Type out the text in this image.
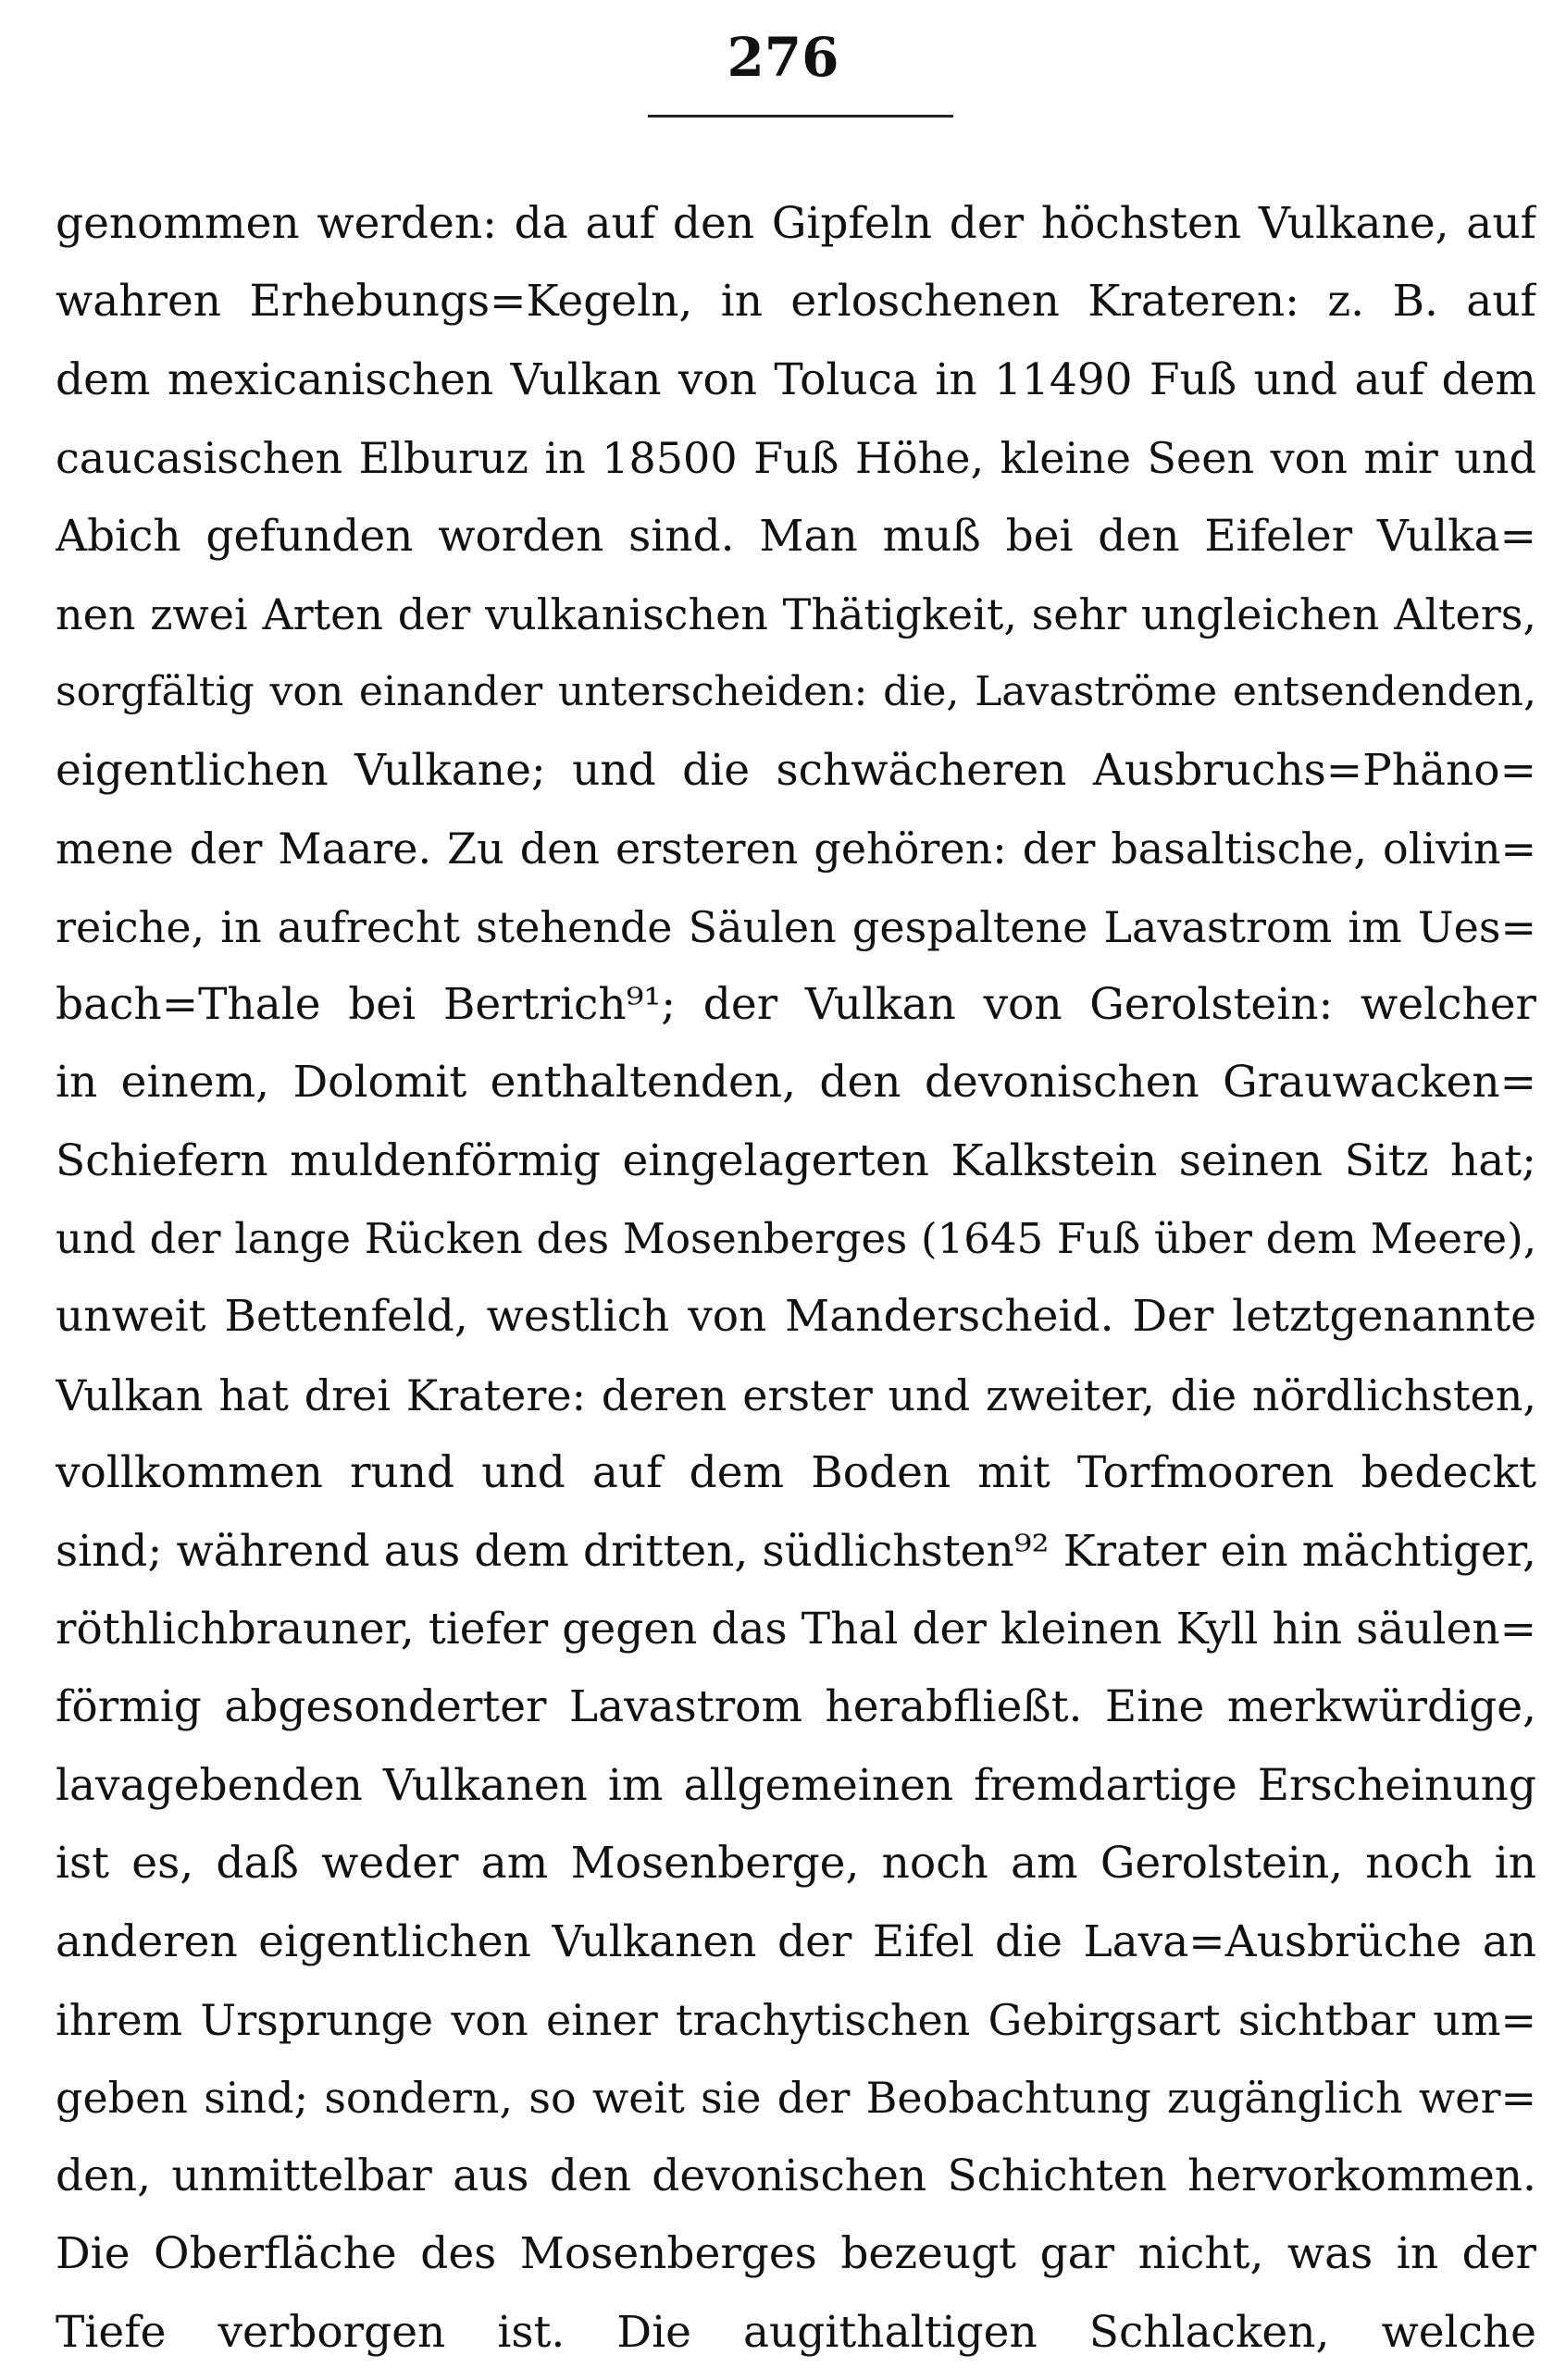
276
genommen werden: da auf den Gipfeln der höchsten Vulkane, auf
wahren Erhebungs=Kegeln, in erloschenen Krateren: z. B. auf
dem mexicanischen Vulkan von Toluca in 11490 Fuß und auf dem
caucasischen Elburuz in 18500 Fuß Höhe, kleine Seen von mir und
Abich gefunden worden sind. Man muß bei den Eifeler Vulka=
nen zwei Arten der vulkanischen Thätigkeit, sehr ungleichen Alters,
sorgfältig von einander unterscheiden: die, Lavaströme entsendenden,
eigentlichen Vulkane; und die schwächeren Ausbruchs=Phäno=
mene der Maare. Zu den ersteren gehören: der basaltische, olivin=
reiche, in aufrecht stehende Säulen gespaltene Lavastrom im Ues=
bach=Thale bei Bertrich⁹¹; der Vulkan von Gerolstein: welcher
in einem, Dolomit enthaltenden, den devonischen Grauwacken=
Schiefern muldenförmig eingelagerten Kalkstein seinen Sitz hat;
und der lange Rücken des Mosenberges (1645 Fuß über dem Meere),
unweit Bettenfeld, westlich von Manderscheid. Der letztgenannte
Vulkan hat drei Kratere: deren erster und zweiter, die nördlichsten,
vollkommen rund und auf dem Boden mit Torfmooren bedeckt
sind; während aus dem dritten, südlichsten⁹² Krater ein mächtiger,
röthlichbrauner, tiefer gegen das Thal der kleinen Kyll hin säulen=
förmig abgesonderter Lavastrom herabfließt. Eine merkwürdige,
lavagebenden Vulkanen im allgemeinen fremdartige Erscheinung
ist es, daß weder am Mosenberge, noch am Gerolstein, noch in
anderen eigentlichen Vulkanen der Eifel die Lava=Ausbrüche an
ihrem Ursprunge von einer trachytischen Gebirgsart sichtbar um=
geben sind; sondern, so weit sie der Beobachtung zugänglich wer=
den, unmittelbar aus den devonischen Schichten hervorkommen.
Die Oberfläche des Mosenberges bezeugt gar nicht, was in der
Tiefe verborgen ist. Die augithaltigen Schlacken, welche
